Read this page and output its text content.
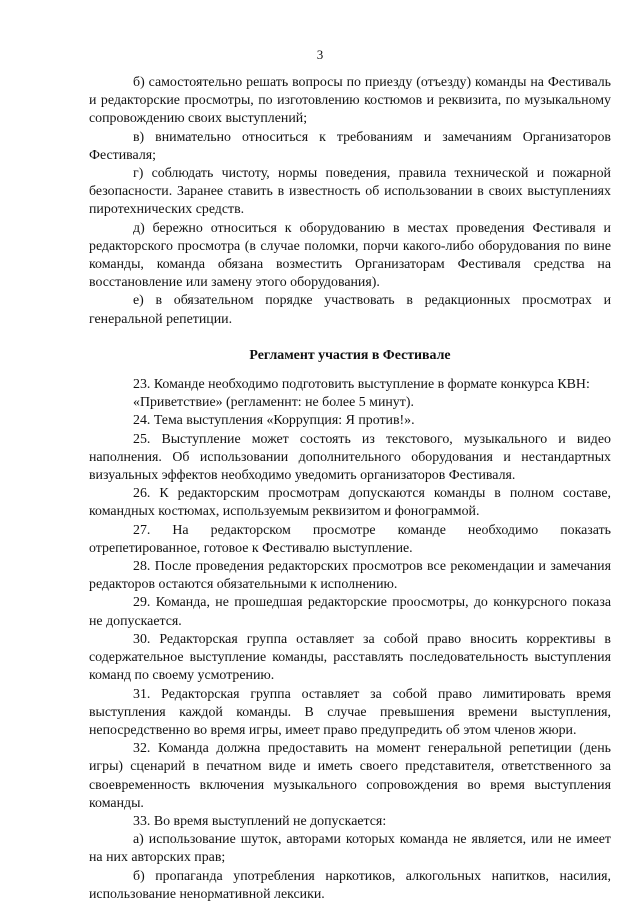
3

б) самостоятельно решать вопросы по приезду (отъезду) команды на Фестиваль и редакторские просмотры, по изготовлению костюмов и реквизита, по музыкальному сопровождению своих выступлений;

в) внимательно относиться к требованиям и замечаниям Организаторов Фестиваля;

г) соблюдать чистоту, нормы поведения, правила технической и пожарной безопасности. Заранее ставить в известность об использовании в своих выступлениях пиротехнических средств.

д) бережно относиться к оборудованию в местах проведения Фестиваля и редакторского просмотра (в случае поломки, порчи какого-либо оборудования по вине команды, команда обязана возместить Организаторам Фестиваля средства на восстановление или замену этого оборудования).

е) в обязательном порядке участвовать в редакционных просмотрах и генеральной репетиции.

Регламент участия в Фестивале

23. Команде необходимо подготовить выступление в формате конкурса КВН:

«Приветствие» (регламеннт: не более 5 минут).

24. Тема выступления «Коррупция: Я против!».

25. Выступление может состоять из текстового, музыкального и видео наполнения. Об использовании дополнительного оборудования и нестандартных визуальных эффектов необходимо уведомить организаторов Фестиваля.

26. К редакторским просмотрам допускаются команды в полном составе, командных костюмах, используемым реквизитом и фонограммой.

27. На редакторском просмотре команде необходимо показать отрепетированное, готовое к Фестивалю выступление.

28. После проведения редакторских просмотров все рекомендации и замечания редакторов остаются обязательными к исполнению.

29. Команда, не прошедшая редакторские проосмотры, до конкурсного показа не допускается.

30. Редакторская группа оставляет за собой право вносить коррективы в содержательное выступление команды, расставлять последовательность выступления команд по своему усмотрению.

31. Редакторская группа оставляет за собой право лимитировать время выступления каждой команды. В случае превышения времени выступления, непосредственно во время игры, имеет право предупредить об этом членов жюри.

32. Команда должна предоставить на момент генеральной репетиции (день игры) сценарий в печатном виде и иметь своего представителя, ответственного за своевременность включения музыкального сопровождения во время выступления команды.

33. Во время выступлений не допускается:

а) использование шуток, авторами которых команда не является, или не имеет на них авторских прав;

б) пропаганда употребления наркотиков, алкогольных напитков, насилия, использование ненормативной лексики.
